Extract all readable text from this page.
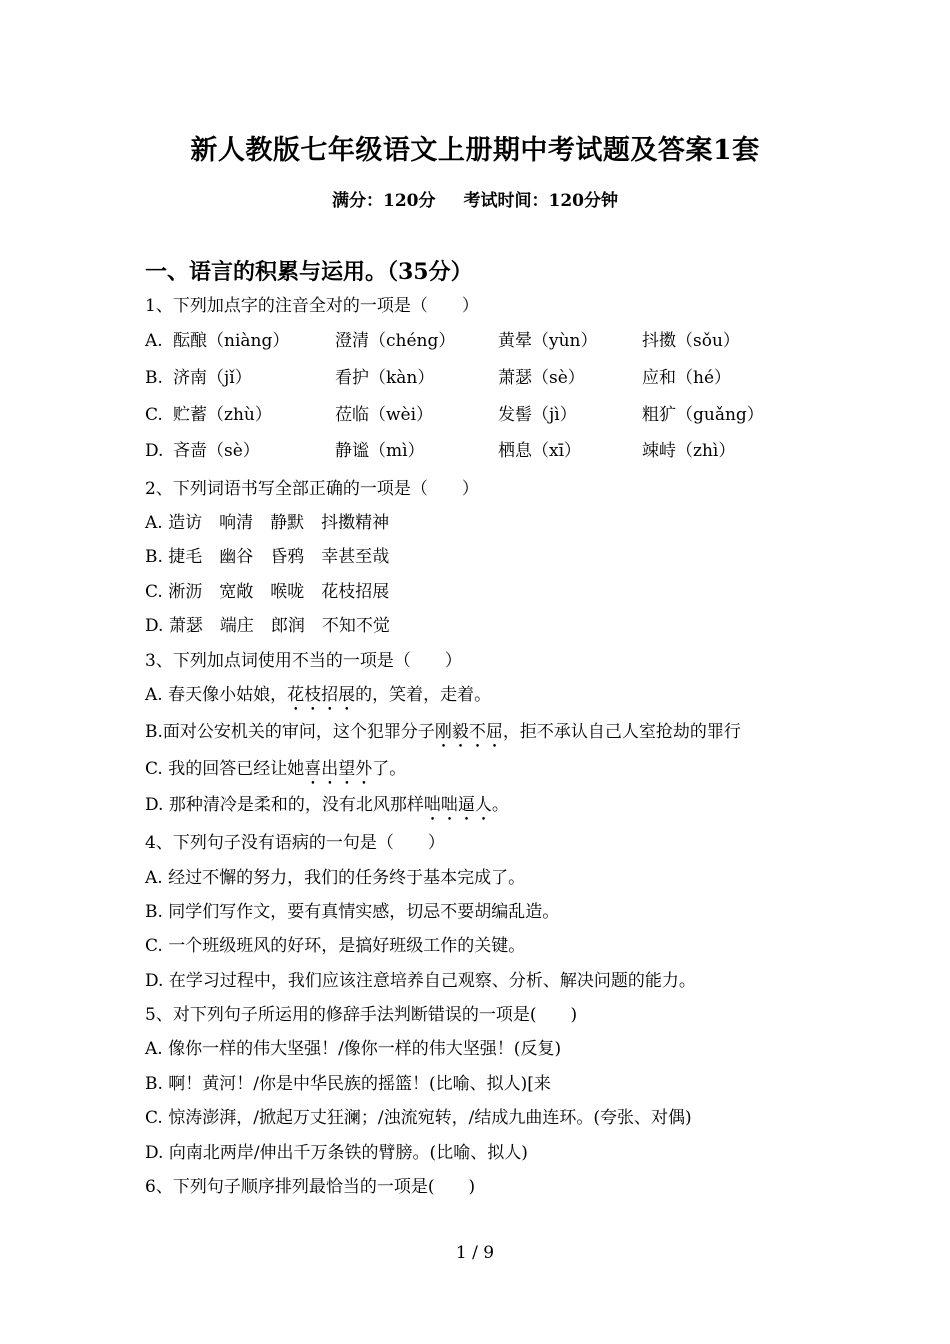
新人教版七年级语文上册期中考试题及答案1套
满分：120分 考试时间：120分钟
一、语言的积累与运用。（35分）
1、下列加点字的注音全对的一项是（　　）
A. 酝酿（niàng）	澄清（chéng）	黄晕（yùn）	抖擞（sǒu）
B. 济南（jǐ）	看护（kàn）	萧瑟（sè）	应和（hé）
C. 贮蓄（zhù）	莅临（wèi）	发髻（jì）	粗犷（guǎng）
D. 吝啬（sè）	静谧（mì）	栖息（xī）	竦峙（zhì）
2、下列词语书写全部正确的一项是（　　）
A. 造访　响清　静默　抖擞精神
B. 捷毛　幽谷　昏鸦　幸甚至哉
C. 淅沥　宽敞　喉咙　花枝招展
D. 萧瑟　端庄　郎润　不知不觉
3、下列加点词使用不当的一项是（　　）
A. 春天像小姑娘，花枝招展的，笑着，走着。
B.面对公安机关的审问，这个犯罪分子刚毅不屈，拒不承认自己人室抢劫的罪行
C. 我的回答已经让她喜出望外了。
D. 那种清冷是柔和的，没有北风那样咄咄逼人。
4、下列句子没有语病的一句是（　　）
A. 经过不懈的努力，我们的任务终于基本完成了。
B. 同学们写作文，要有真情实感，切忌不要胡编乱造。
C. 一个班级班风的好环，是搞好班级工作的关键。
D. 在学习过程中，我们应该注意培养自己观察、分析、解决问题的能力。
5、对下列句子所运用的修辞手法判断错误的一项是(　　)
A. 像你一样的伟大坚强！/像你一样的伟大坚强！(反复)
B. 啊！黄河！/你是中华民族的摇篮！(比喻、拟人)[来
C. 惊涛澎湃，/掀起万丈狂澜；/浊流宛转，/结成九曲连环。(夸张、对偶)
D. 向南北两岸/伸出千万条铁的臂膀。(比喻、拟人)
6、下列句子顺序排列最恰当的一项是(　　)
1 / 9
